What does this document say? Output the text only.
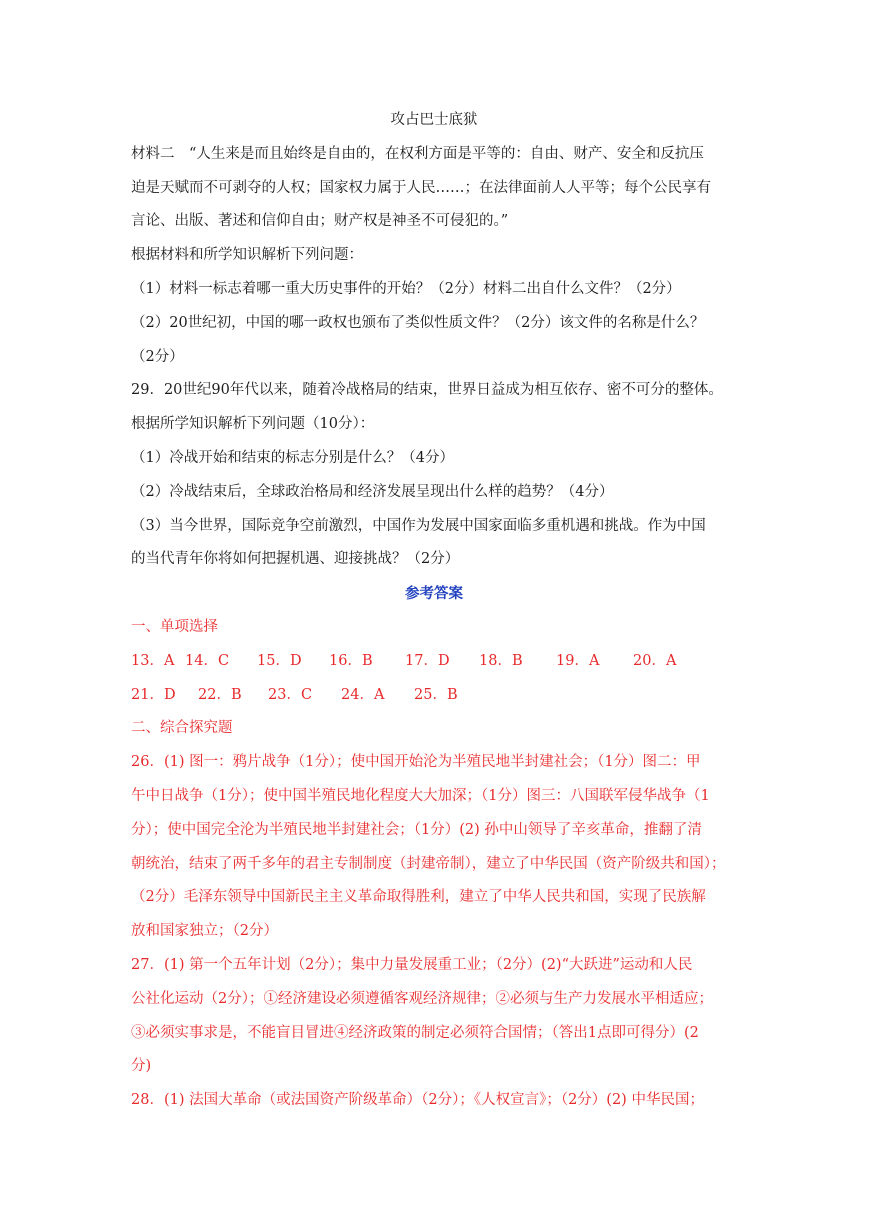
攻占巴士底狱
材料二　“人生来是而且始终是自由的，在权利方面是平等的：自由、财产、安全和反抗压
迫是天赋而不可剥夺的人权；国家权力属于人民……；在法律面前人人平等；每个公民享有
言论、出版、著述和信仰自由；财产权是神圣不可侵犯的。”
根据材料和所学知识解析下列问题：
（1）材料一标志着哪一重大历史事件的开始？（2分）材料二出自什么文件？（2分）
（2）20世纪初，中国的哪一政权也颁布了类似性质文件？（2分）该文件的名称是什么？
（2分）
29．20世纪90年代以来，随着冷战格局的结束，世界日益成为相互依存、密不可分的整体。
根据所学知识解析下列问题（10分）：
（1）冷战开始和结束的标志分别是什么？（4分）
（2）冷战结束后，全球政治格局和经济发展呈现出什么样的趋势？（4分）
（3）当今世界，国际竞争空前激烈，中国作为发展中国家面临多重机遇和挑战。作为中国
的当代青年你将如何把握机遇、迎接挑战？（2分）
参考答案
一、单项选择
13．A 14．C	15．D	16．B	17．D	18．B	19．A	20．A
21．D	22．B	23．C	24．A	25．B
二、综合探究题
26．(1) 图一：鸦片战争（1分）；使中国开始沦为半殖民地半封建社会；（1分）图二：甲
午中日战争（1分）；使中国半殖民地化程度大大加深；（1分）图三：八国联军侵华战争（1
分）；使中国完全沦为半殖民地半封建社会；（1分）(2) 孙中山领导了辛亥革命，推翻了清
朝统治，结束了两千多年的君主专制制度（封建帝制），建立了中华民国（资产阶级共和国）；
（2分）毛泽东领导中国新民主主义革命取得胜利，建立了中华人民共和国，实现了民族解
放和国家独立；（2分）
27．(1) 第一个五年计划（2分）；集中力量发展重工业；（2分）(2)“大跃进”运动和人民
公社化运动（2分）；①经济建设必须遵循客观经济规律；②必须与生产力发展水平相适应；
③必须实事求是，不能盲目冒进④经济政策的制定必须符合国情；（答出1点即可得分）(2
分)
28．(1) 法国大革命（或法国资产阶级革命）（2分）；《人权宣言》；（2分）(2) 中华民国；
